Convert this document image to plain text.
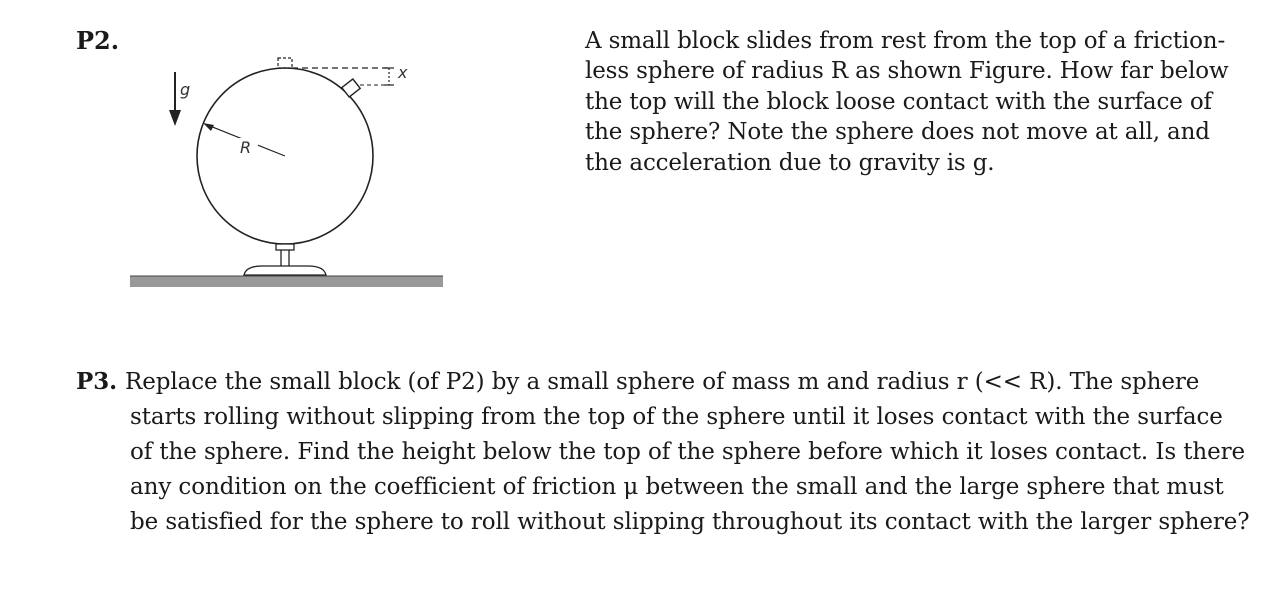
P2.
g
R
x
A small block slides from rest from the top of a friction-
less sphere of radius R as shown Figure. How far below
the top will the block loose contact with the surface of
the sphere? Note the sphere does not move at all, and
the acceleration due to gravity is g.
P3. Replace the small block (of P2) by a small sphere of mass m and radius r (<< R). The sphere
starts rolling without slipping from the top of the sphere until it loses contact with the surface
of the sphere. Find the height below the top of the sphere before which it loses contact. Is there
any condition on the coefficient of friction μ between the small and the large sphere that must
be satisfied for the sphere to roll without slipping throughout its contact with the larger sphere?
